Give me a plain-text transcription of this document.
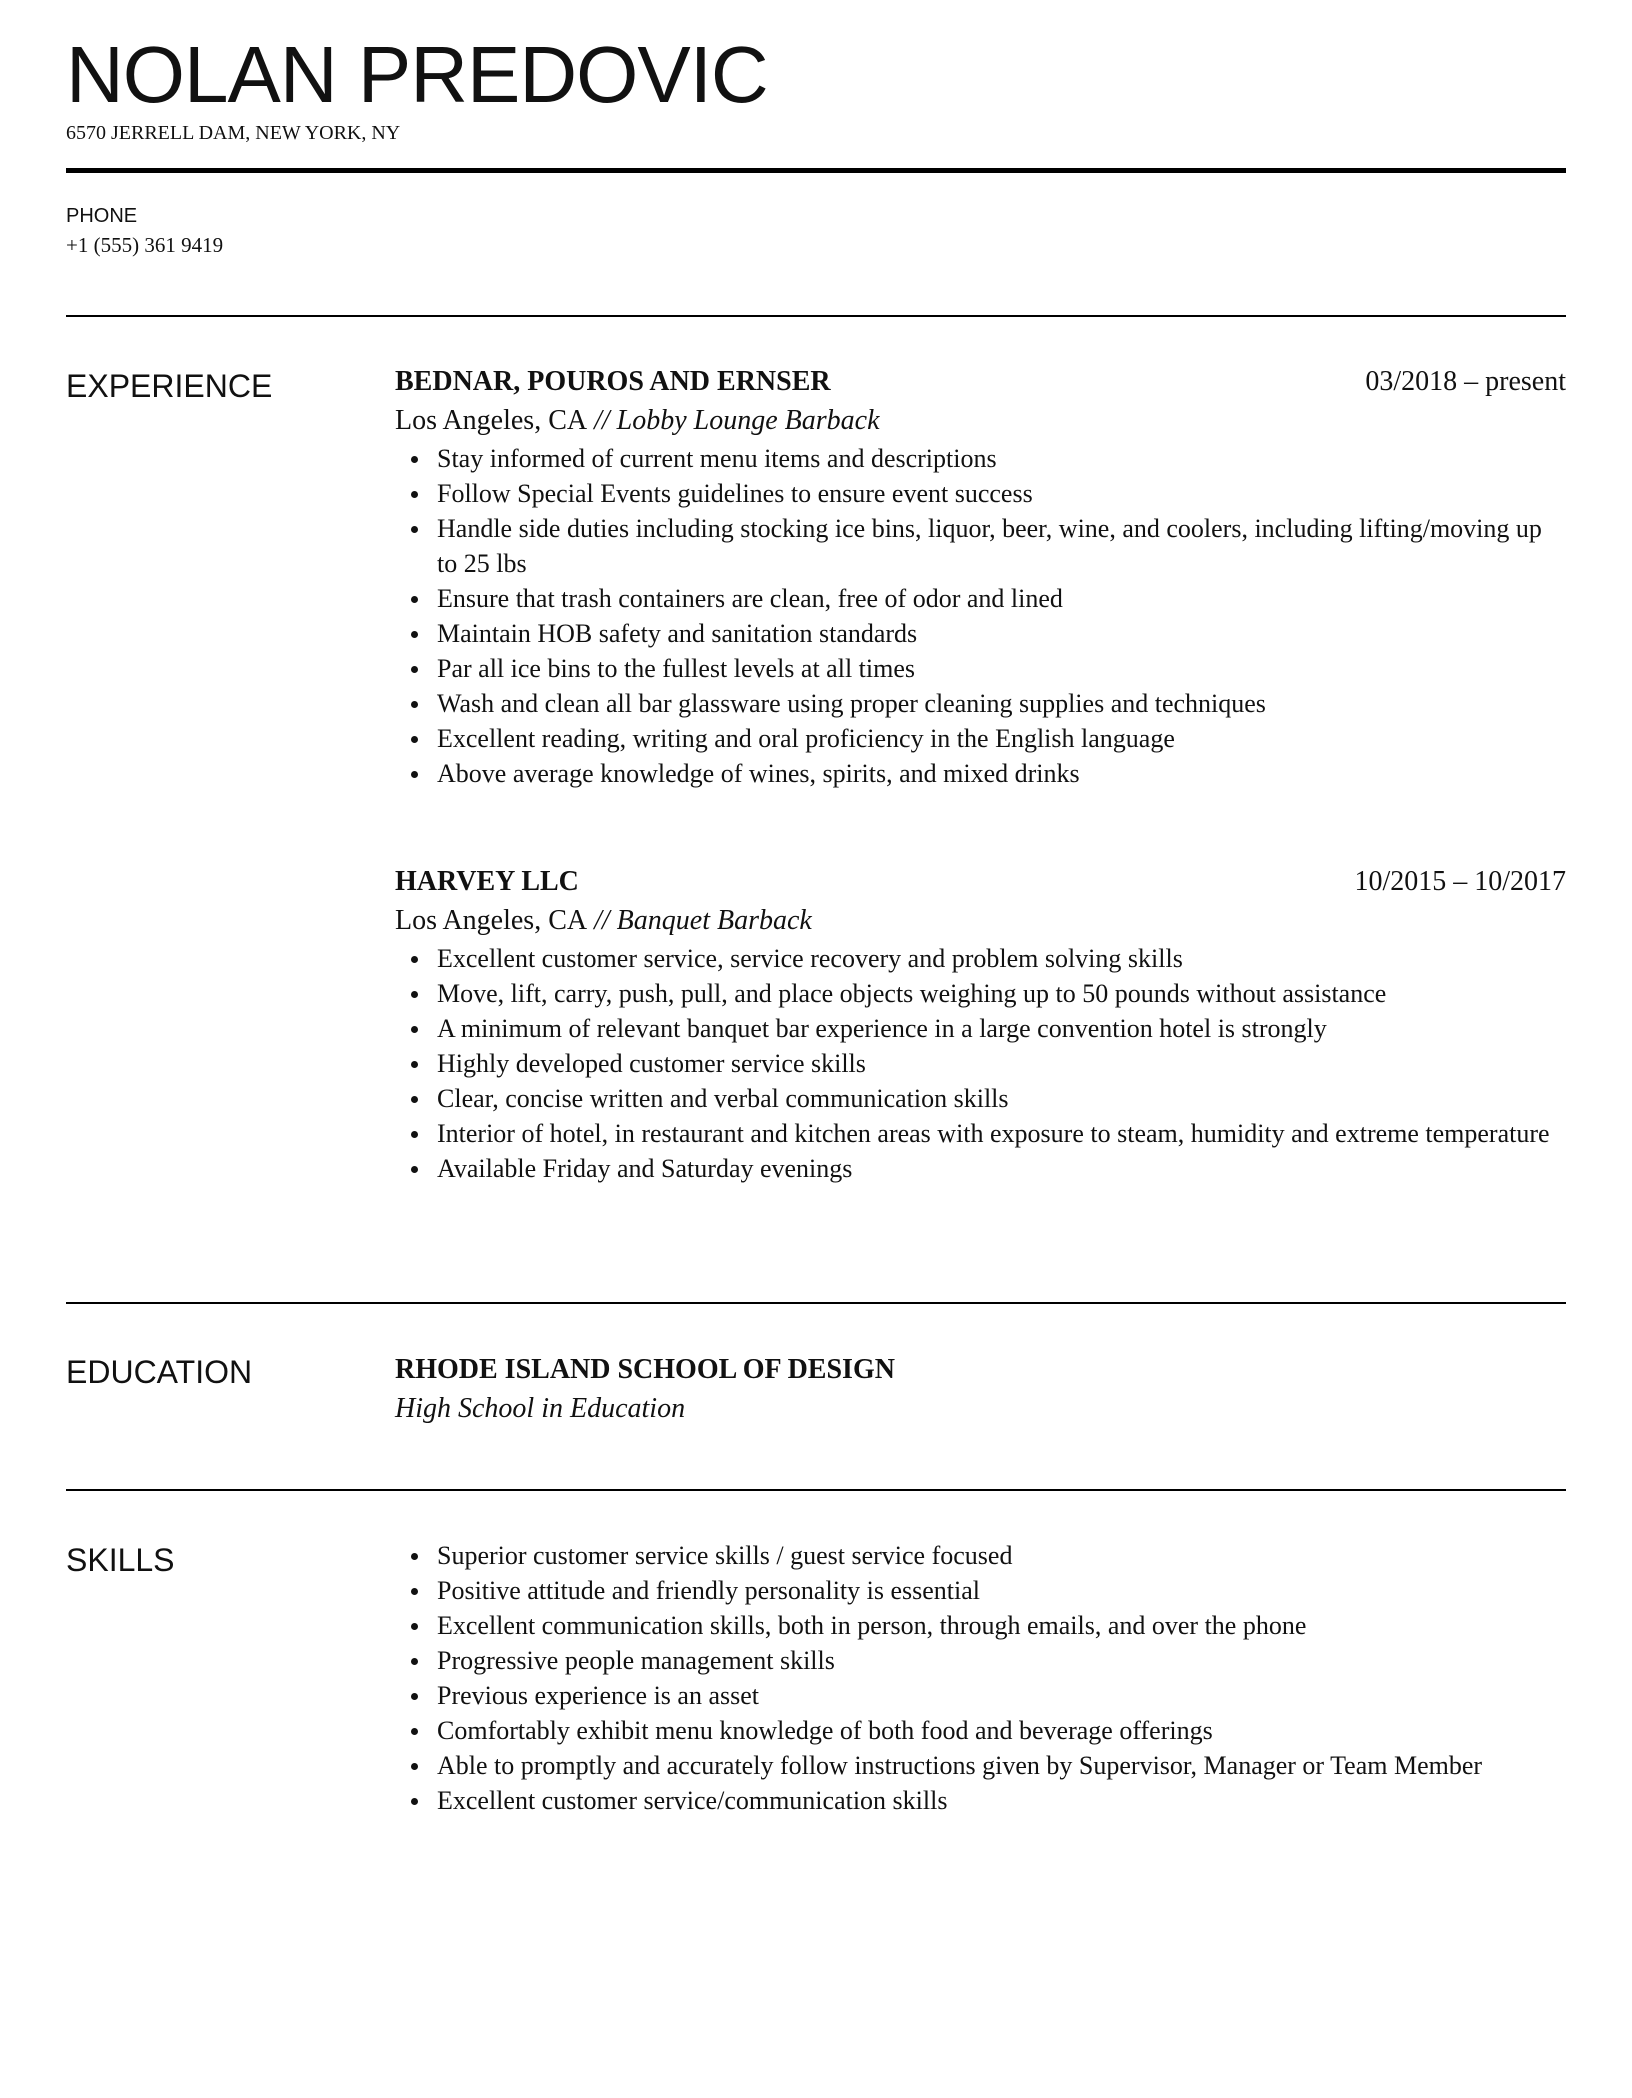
NOLAN PREDOVIC
6570 JERRELL DAM, NEW YORK, NY
PHONE
+1 (555) 361 9419
EXPERIENCE	BEDNAR, POUROS AND ERNSER	03/2018 – present
Los Angeles, CA // Lobby Lounge Barback
Stay informed of current menu items and descriptions
Follow Special Events guidelines to ensure event success
Handle side duties including stocking ice bins, liquor, beer, wine, and coolers, including lifting/moving up to 25 lbs
Ensure that trash containers are clean, free of odor and lined
Maintain HOB safety and sanitation standards
Par all ice bins to the fullest levels at all times
Wash and clean all bar glassware using proper cleaning supplies and techniques
Excellent reading, writing and oral proficiency in the English language
Above average knowledge of wines, spirits, and mixed drinks
HARVEY LLC	10/2015 – 10/2017
Los Angeles, CA // Banquet Barback
Excellent customer service, service recovery and problem solving skills
Move, lift, carry, push, pull, and place objects weighing up to 50 pounds without assistance
A minimum of relevant banquet bar experience in a large convention hotel is strongly
Highly developed customer service skills
Clear, concise written and verbal communication skills
Interior of hotel, in restaurant and kitchen areas with exposure to steam, humidity and extreme temperature
Available Friday and Saturday evenings
EDUCATION	RHODE ISLAND SCHOOL OF DESIGN
High School in Education
SKILLS	Superior customer service skills / guest service focused
Positive attitude and friendly personality is essential
Excellent communication skills, both in person, through emails, and over the phone
Progressive people management skills
Previous experience is an asset
Comfortably exhibit menu knowledge of both food and beverage offerings
Able to promptly and accurately follow instructions given by Supervisor, Manager or Team Member
Excellent customer service/communication skills
